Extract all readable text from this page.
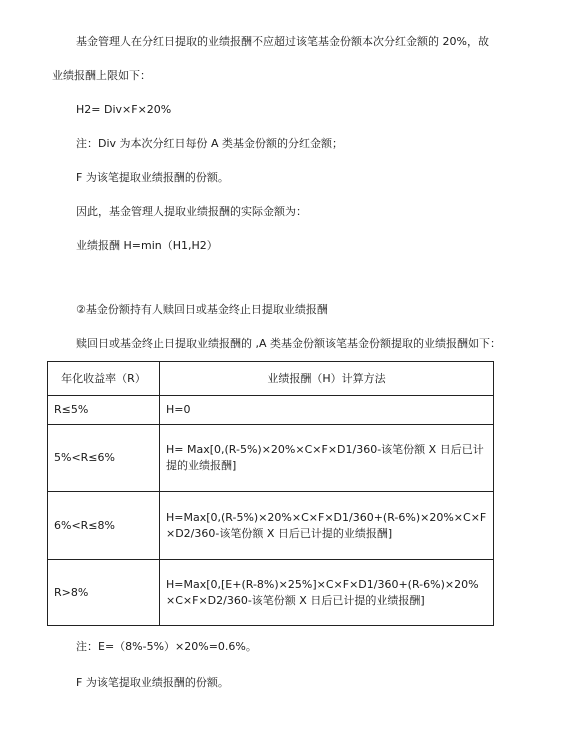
基金管理人在分红日提取的业绩报酬不应超过该笔基金份额本次分红金额的 20%，故
业绩报酬上限如下：
H2= Div×F×20%
注：Div 为本次分红日每份 A 类基金份额的分红金额；
F 为该笔提取业绩报酬的份额。
因此，基金管理人提取业绩报酬的实际金额为：
业绩报酬 H=min（H1,H2）
②基金份额持有人赎回日或基金终止日提取业绩报酬
赎回日或基金终止日提取业绩报酬的 ,A 类基金份额该笔基金份额提取的业绩报酬如下：
年化收益率（R）	业绩报酬（H）计算方法
R≤5%	H=0
5%<R≤6%	H= Max[0,(R-5%)×20%×C×F×D1/360-该笔份额 X 日后已计提的业绩报酬]
6%<R≤8%	H=Max[0,(R-5%)×20%×C×F×D1/360+(R-6%)×20%×C×F×D2/360-该笔份额 X 日后已计提的业绩报酬]
R>8%	H=Max[0,[E+(R-8%)×25%]×C×F×D1/360+(R-6%)×20%×C×F×D2/360-该笔份额 X 日后已计提的业绩报酬]
注：E=（8%-5%）×20%=0.6%。
F 为该笔提取业绩报酬的份额。
